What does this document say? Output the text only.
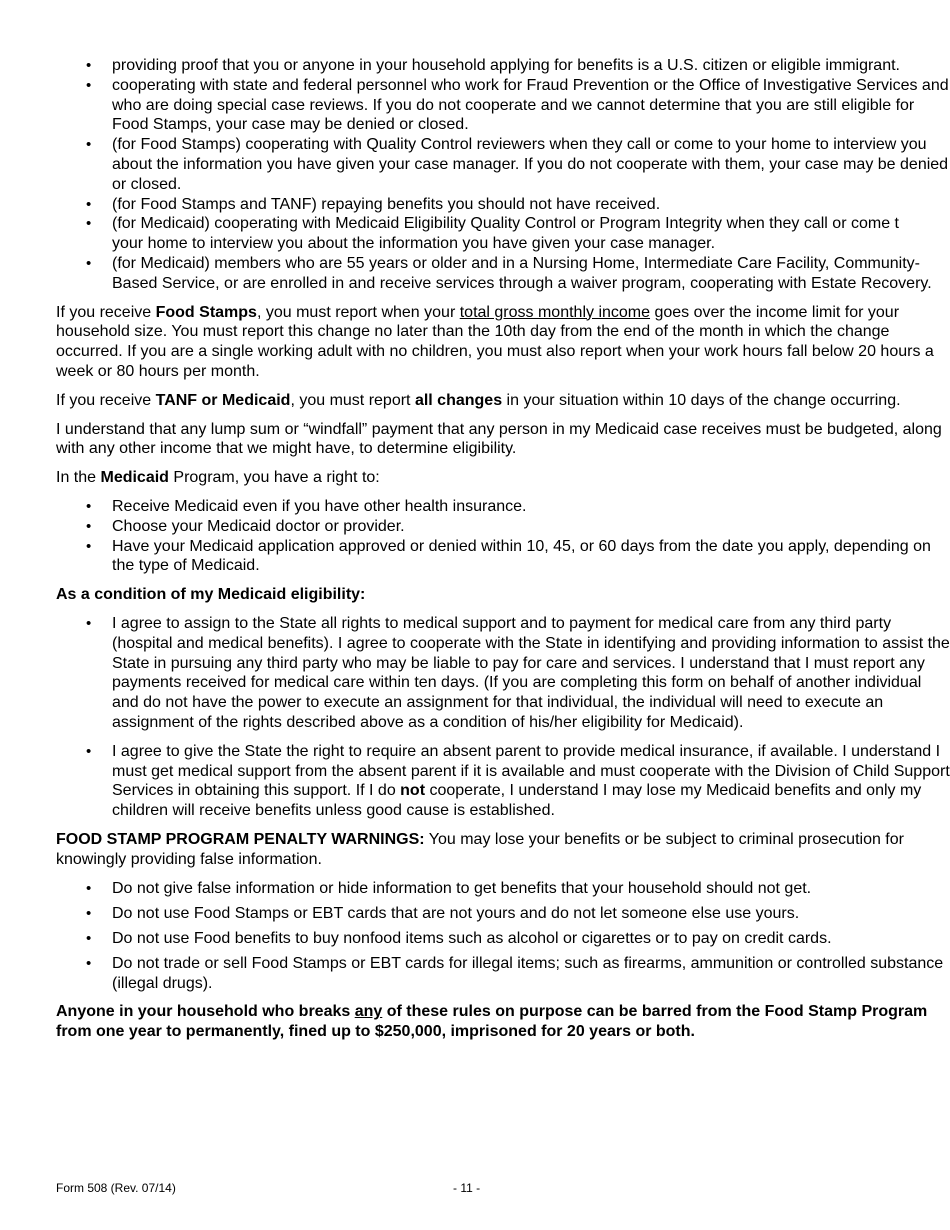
• providing proof that you or anyone in your household applying for benefits is a U.S. citizen or eligible immigrant.
• cooperating with state and federal personnel who work for Fraud Prevention or the Office of Investigative Services and who are doing special case reviews. If you do not cooperate and we cannot determine that you are still eligible for Food Stamps, your case may be denied or closed.
• (for Food Stamps) cooperating with Quality Control reviewers when they call or come to your home to interview you about the information you have given your case manager. If you do not cooperate with them, your case may be denied or closed.
• (for Food Stamps and TANF) repaying benefits you should not have received.
• (for Medicaid) cooperating with Medicaid Eligibility Quality Control or Program Integrity when they call or come t
your home to interview you about the information you have given your case manager.
• (for Medicaid) members who are 55 years or older and in a Nursing Home, Intermediate Care Facility, Community-Based Service, or are enrolled in and receive services through a waiver program, cooperating with Estate Recovery.

If you receive Food Stamps, you must report when your total gross monthly income goes over the income limit for your household size. You must report this change no later than the 10th day from the end of the month in which the change occurred. If you are a single working adult with no children, you must also report when your work hours fall below 20 hours a week or 80 hours per month.

If you receive TANF or Medicaid, you must report all changes in your situation within 10 days of the change occurring.

I understand that any lump sum or “windfall” payment that any person in my Medicaid case receives must be budgeted, along with any other income that we might have, to determine eligibility.

In the Medicaid Program, you have a right to:

• Receive Medicaid even if you have other health insurance.
• Choose your Medicaid doctor or provider.
• Have your Medicaid application approved or denied within 10, 45, or 60 days from the date you apply, depending on the type of Medicaid.

As a condition of my Medicaid eligibility:

• I agree to assign to the State all rights to medical support and to payment for medical care from any third party (hospital and medical benefits). I agree to cooperate with the State in identifying and providing information to assist the State in pursuing any third party who may be liable to pay for care and services. I understand that I must report any payments received for medical care within ten days. (If you are completing this form on behalf of another individual and do not have the power to execute an assignment for that individual, the individual will need to execute an assignment of the rights described above as a condition of his/her eligibility for Medicaid).
• I agree to give the State the right to require an absent parent to provide medical insurance, if available. I understand I must get medical support from the absent parent if it is available and must cooperate with the Division of Child Support Services in obtaining this support. If I do not cooperate, I understand I may lose my Medicaid benefits and only my children will receive benefits unless good cause is established.

FOOD STAMP PROGRAM PENALTY WARNINGS: You may lose your benefits or be subject to criminal prosecution for knowingly providing false information.

• Do not give false information or hide information to get benefits that your household should not get.
• Do not use Food Stamps or EBT cards that are not yours and do not let someone else use yours.
• Do not use Food benefits to buy nonfood items such as alcohol or cigarettes or to pay on credit cards.
• Do not trade or sell Food Stamps or EBT cards for illegal items; such as firearms, ammunition or controlled substance (illegal drugs).

Anyone in your household who breaks any of these rules on purpose can be barred from the Food Stamp Program from one year to permanently, fined up to $250,000, imprisoned for 20 years or both.

Form 508 (Rev. 07/14)	- 11 -
